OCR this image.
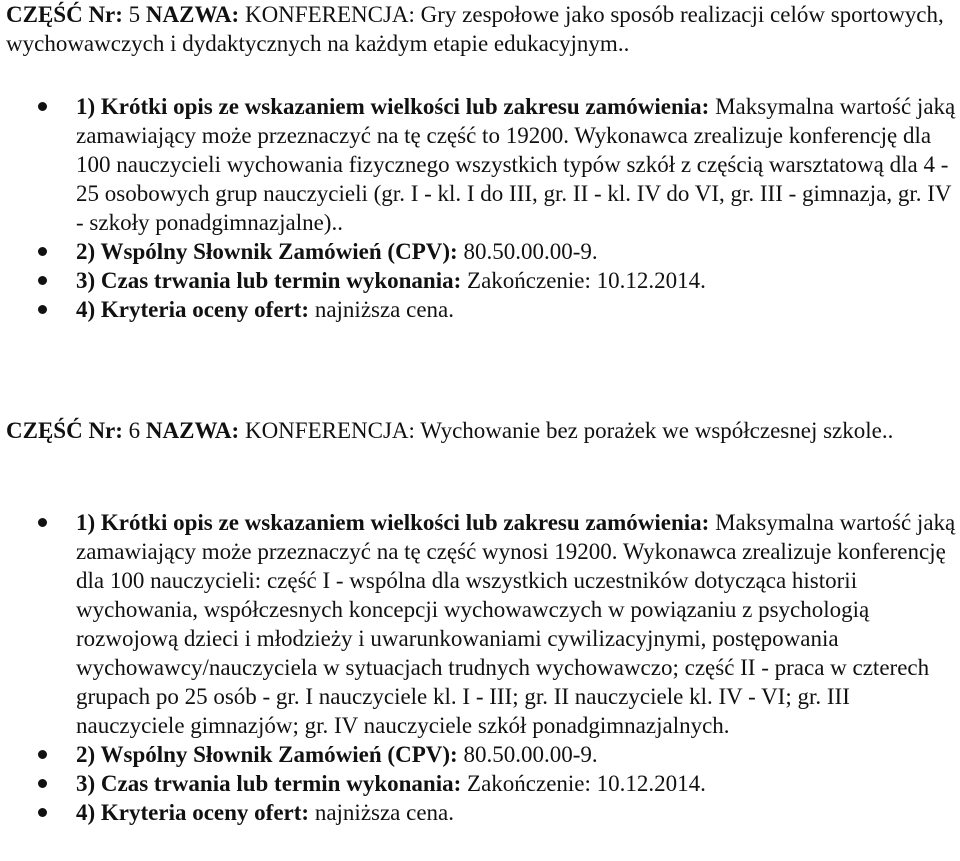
CZĘŚĆ Nr: 5 NAZWA: KONFERENCJA: Gry zespołowe jako sposób realizacji celów sportowych, wychowawczych i dydaktycznych na każdym etapie edukacyjnym..

1) Krótki opis ze wskazaniem wielkości lub zakresu zamówienia: Maksymalna wartość jaką zamawiający może przeznaczyć na tę część to 19200. Wykonawca zrealizuje konferencję dla 100 nauczycieli wychowania fizycznego wszystkich typów szkół z częścią warsztatową dla 4 - 25 osobowych grup nauczycieli (gr. I - kl. I do III, gr. II - kl. IV do VI, gr. III - gimnazja, gr. IV - szkoły ponadgimnazjalne)..
2) Wspólny Słownik Zamówień (CPV): 80.50.00.00-9.
3) Czas trwania lub termin wykonania: Zakończenie: 10.12.2014.
4) Kryteria oceny ofert: najniższa cena.

CZĘŚĆ Nr: 6 NAZWA: KONFERENCJA: Wychowanie bez porażek we współczesnej szkole..

1) Krótki opis ze wskazaniem wielkości lub zakresu zamówienia: Maksymalna wartość jaką zamawiający może przeznaczyć na tę część wynosi 19200. Wykonawca zrealizuje konferencję dla 100 nauczycieli: część I - wspólna dla wszystkich uczestników dotycząca historii wychowania, współczesnych koncepcji wychowawczych w powiązaniu z psychologią rozwojową dzieci i młodzieży i uwarunkowaniami cywilizacyjnymi, postępowania wychowawcy/nauczyciela w sytuacjach trudnych wychowawczo; część II - praca w czterech grupach po 25 osób - gr. I nauczyciele kl. I - III; gr. II nauczyciele kl. IV - VI; gr. III nauczyciele gimnazjów; gr. IV nauczyciele szkół ponadgimnazjalnych.
2) Wspólny Słownik Zamówień (CPV): 80.50.00.00-9.
3) Czas trwania lub termin wykonania: Zakończenie: 10.12.2014.
4) Kryteria oceny ofert: najniższa cena.
